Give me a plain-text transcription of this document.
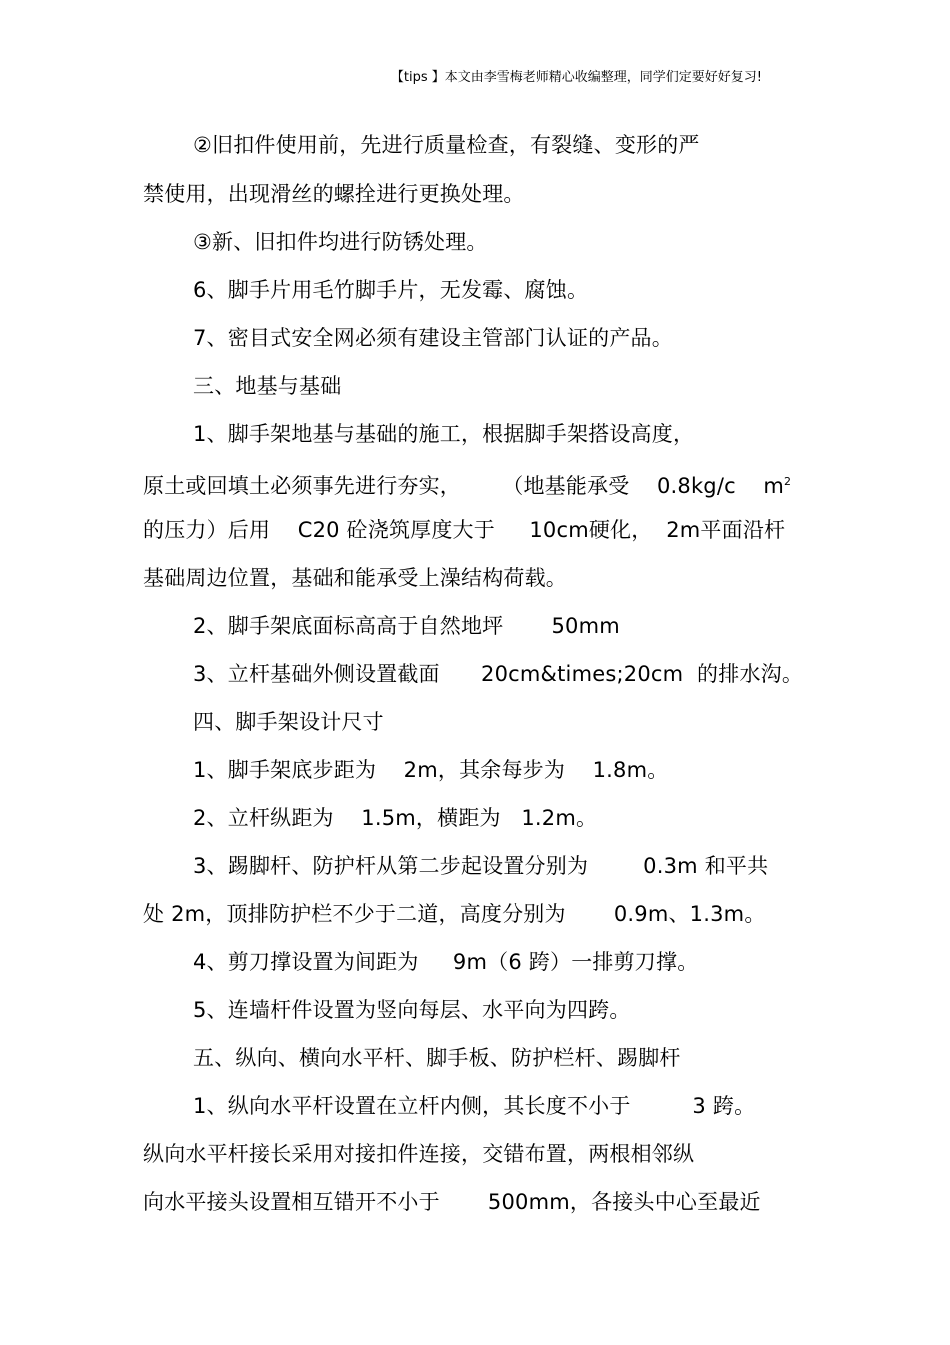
【tips 】本文由李雪梅老师精心收编整理，同学们定要好好复习!
②旧扣件使用前，先进行质量检查，有裂缝、变形的严
禁使用，出现滑丝的螺拴进行更换处理。
③新、旧扣件均进行防锈处理。
6、脚手片用毛竹脚手片，无发霉、腐蚀。
7、密目式安全网必须有建设主管部门认证的产品。
三、地基与基础
1、脚手架地基与基础的施工，根据脚手架搭设高度，
原土或回填土必须事先进行夯实，      （地基能承受    0.8kg/c    $m^2$
的压力）后用    C20 砼浇筑厚度大于     10cm硬化，  2m平面沿杆
基础周边位置，基础和能承受上澡结构荷载。
2、脚手架底面标高高于自然地坪       50mm
3、立杆基础外侧设置截面      20cm&times;20cm  的排水沟。
四、脚手架设计尺寸
1、脚手架底步距为    2m，其余每步为    1.8m。
2、立杆纵距为    1.5m，横距为   1.2m。
3、踢脚杆、防护杆从第二步起设置分别为        0.3m 和平共
处 2m，顶排防护栏不少于二道，高度分别为       0.9m、1.3m。
4、剪刀撑设置为间距为     9m（6 跨）一排剪刀撑。
5、连墙杆件设置为竖向每层、水平向为四跨。
五、纵向、横向水平杆、脚手板、防护栏杆、踢脚杆
1、纵向水平杆设置在立杆内侧，其长度不小于         3 跨。
纵向水平杆接长采用对接扣件连接，交错布置，两根相邻纵
向水平接头设置相互错开不小于       500mm，各接头中心至最近
